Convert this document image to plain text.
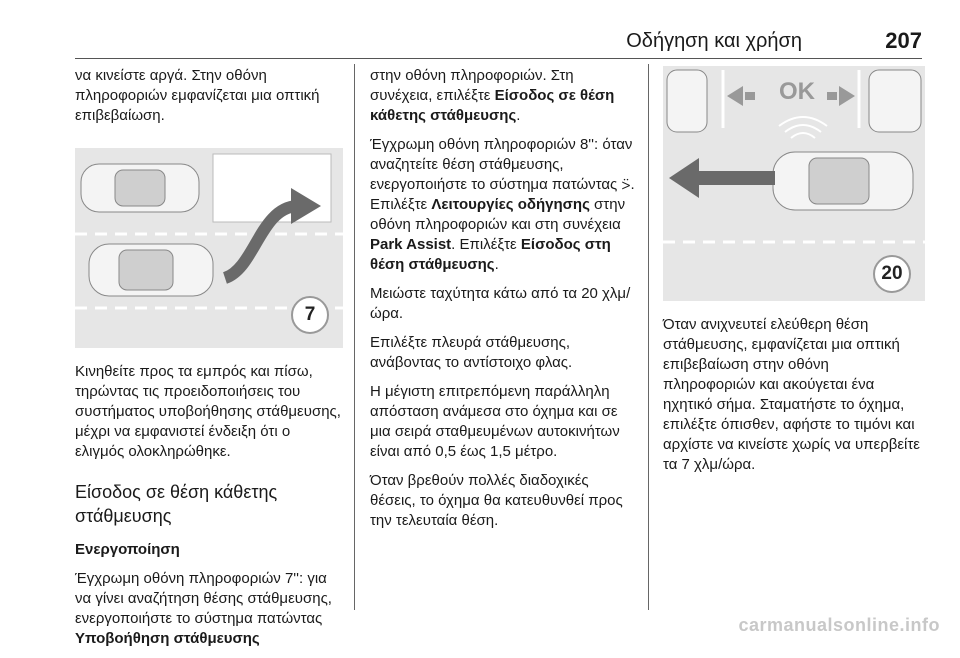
Οδήγηση και χρήση	207

να κινείστε αργά. Στην οθόνη πληροφοριών εμφανίζεται μια οπτική επιβεβαίωση.

7

Κινηθείτε προς τα εμπρός και πίσω, τηρώντας τις προειδοποιήσεις του συστήματος υποβοήθησης στάθμευσης, μέχρι να εμφανιστεί ένδειξη ότι ο ελιγμός ολοκληρώθηκε.

Είσοδος σε θέση κάθετης στάθμευσης

Ενεργοποίηση

Έγχρωμη οθόνη πληροφοριών 7'': για να γίνει αναζήτηση θέσης στάθμευσης, ενεργοποιήστε το σύστημα πατώντας Υποβοήθηση στάθμευσης

στην οθόνη πληροφοριών. Στη συνέχεια, επιλέξτε Είσοδος σε θέση κάθετης στάθμευσης.

Έγχρωμη οθόνη πληροφοριών 8'': όταν αναζητείτε θέση στάθμευσης, ενεργοποιήστε το σύστημα πατώντας ⍩. Επιλέξτε Λειτουργίες οδήγησης στην οθόνη πληροφοριών και στη συνέχεια Park Assist. Επιλέξτε Είσοδος στη θέση στάθμευσης.

Μειώστε ταχύτητα κάτω από τα 20 χλμ/ώρα.

Επιλέξτε πλευρά στάθμευσης, ανάβοντας το αντίστοιχο φλας.

Η μέγιστη επιτρεπόμενη παράλληλη απόσταση ανάμεσα στο όχημα και σε μια σειρά σταθμευμένων αυτοκινήτων είναι από 0,5 έως 1,5 μέτρο.

Όταν βρεθούν πολλές διαδοχικές θέσεις, το όχημα θα κατευθυνθεί προς την τελευταία θέση.

OK
20

Όταν ανιχνευτεί ελεύθερη θέση στάθμευσης, εμφανίζεται μια οπτική επιβεβαίωση στην οθόνη πληροφοριών και ακούγεται ένα ηχητικό σήμα. Σταματήστε το όχημα, επιλέξτε όπισθεν, αφήστε το τιμόνι και αρχίστε να κινείστε χωρίς να υπερβείτε τα 7 χλμ/ώρα.

carmanualsonline.info
